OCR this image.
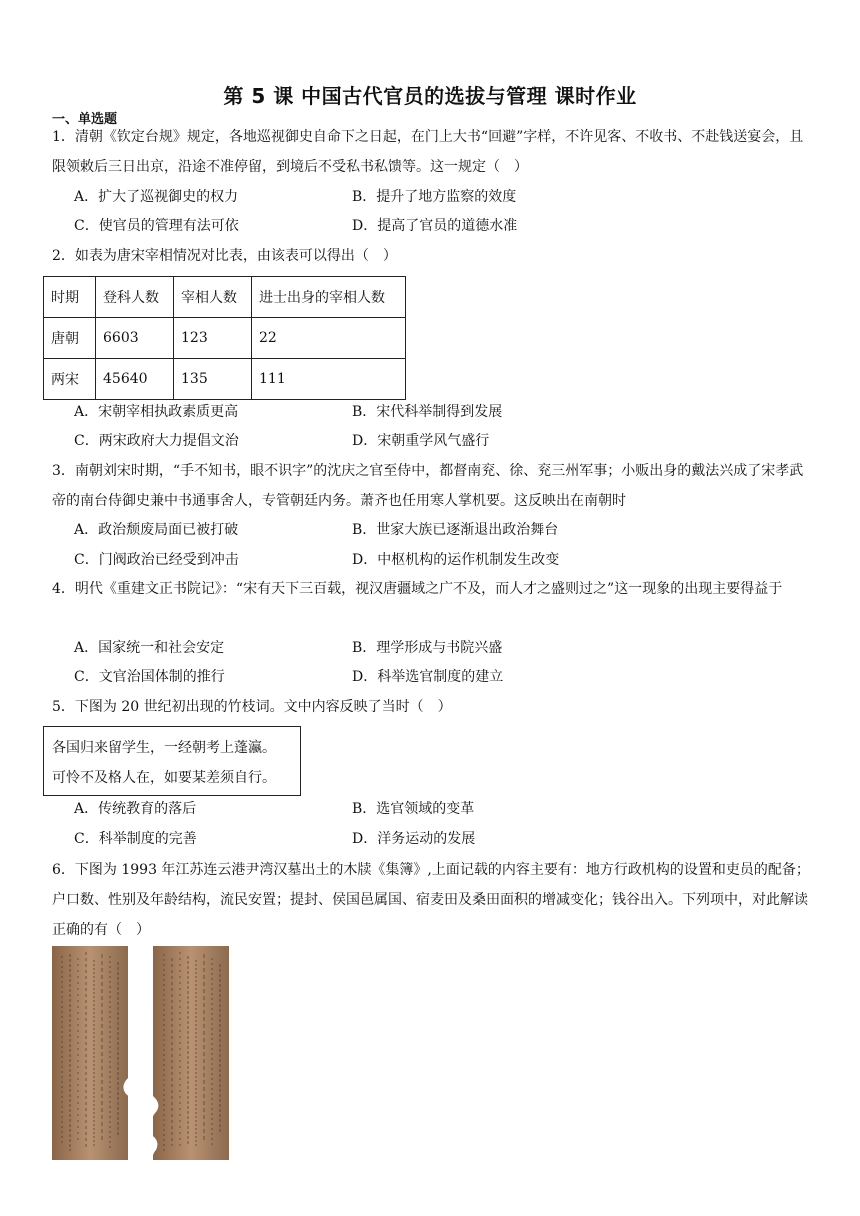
第 5 课 中国古代官员的选拔与管理 课时作业
一、单选题
1．清朝《钦定台规》规定，各地巡视御史自命下之日起，在门上大书“回避”字样，不许见客、不收书、不赴钱送宴会，且限领敕后三日出京，沿途不准停留，到境后不受私书私馈等。这一规定（　）
A．扩大了巡视御史的权力	B．提升了地方监察的效度
C．使官员的管理有法可依	D．提高了官员的道德水准
2．如表为唐宋宰相情况对比表，由该表可以得出（　）
时期	登科人数	宰相人数	进士出身的宰相人数
唐朝	6603	123	22
两宋	45640	135	111
A．宋朝宰相执政素质更高	B．宋代科举制得到发展
C．两宋政府大力提倡文治	D．宋朝重学风气盛行
3．南朝刘宋时期，“手不知书，眼不识字”的沈庆之官至侍中，都督南兖、徐、兖三州军事；小贩出身的戴法兴成了宋孝武帝的南台侍御史兼中书通事舍人，专管朝廷内务。萧齐也任用寒人掌机要。这反映出在南朝时
A．政治颓废局面已被打破	B．世家大族已逐渐退出政治舞台
C．门阀政治已经受到冲击	D．中枢机构的运作机制发生改变
4．明代《重建文正书院记》：“宋有天下三百载，视汉唐疆域之广不及，而人才之盛则过之”这一现象的出现主要得益于
A．国家统一和社会安定	B．理学形成与书院兴盛
C．文官治国体制的推行	D．科举选官制度的建立
5．下图为 20 世纪初出现的竹枝词。文中内容反映了当时（　）
各国归来留学生，一经朝考上蓬瀛。
可怜不及格人在，如要某差须自行。
A．传统教育的落后	B．选官领域的变革
C．科举制度的完善	D．洋务运动的发展
6．下图为 1993 年江苏连云港尹湾汉墓出土的木牍《集簿》,上面记载的内容主要有：地方行政机构的设置和吏员的配备；户口数、性别及年龄结构，流民安置；提封、侯国邑属国、宿麦田及桑田面积的增减变化；钱谷出入。下列项中，对此解读正确的有（　）
